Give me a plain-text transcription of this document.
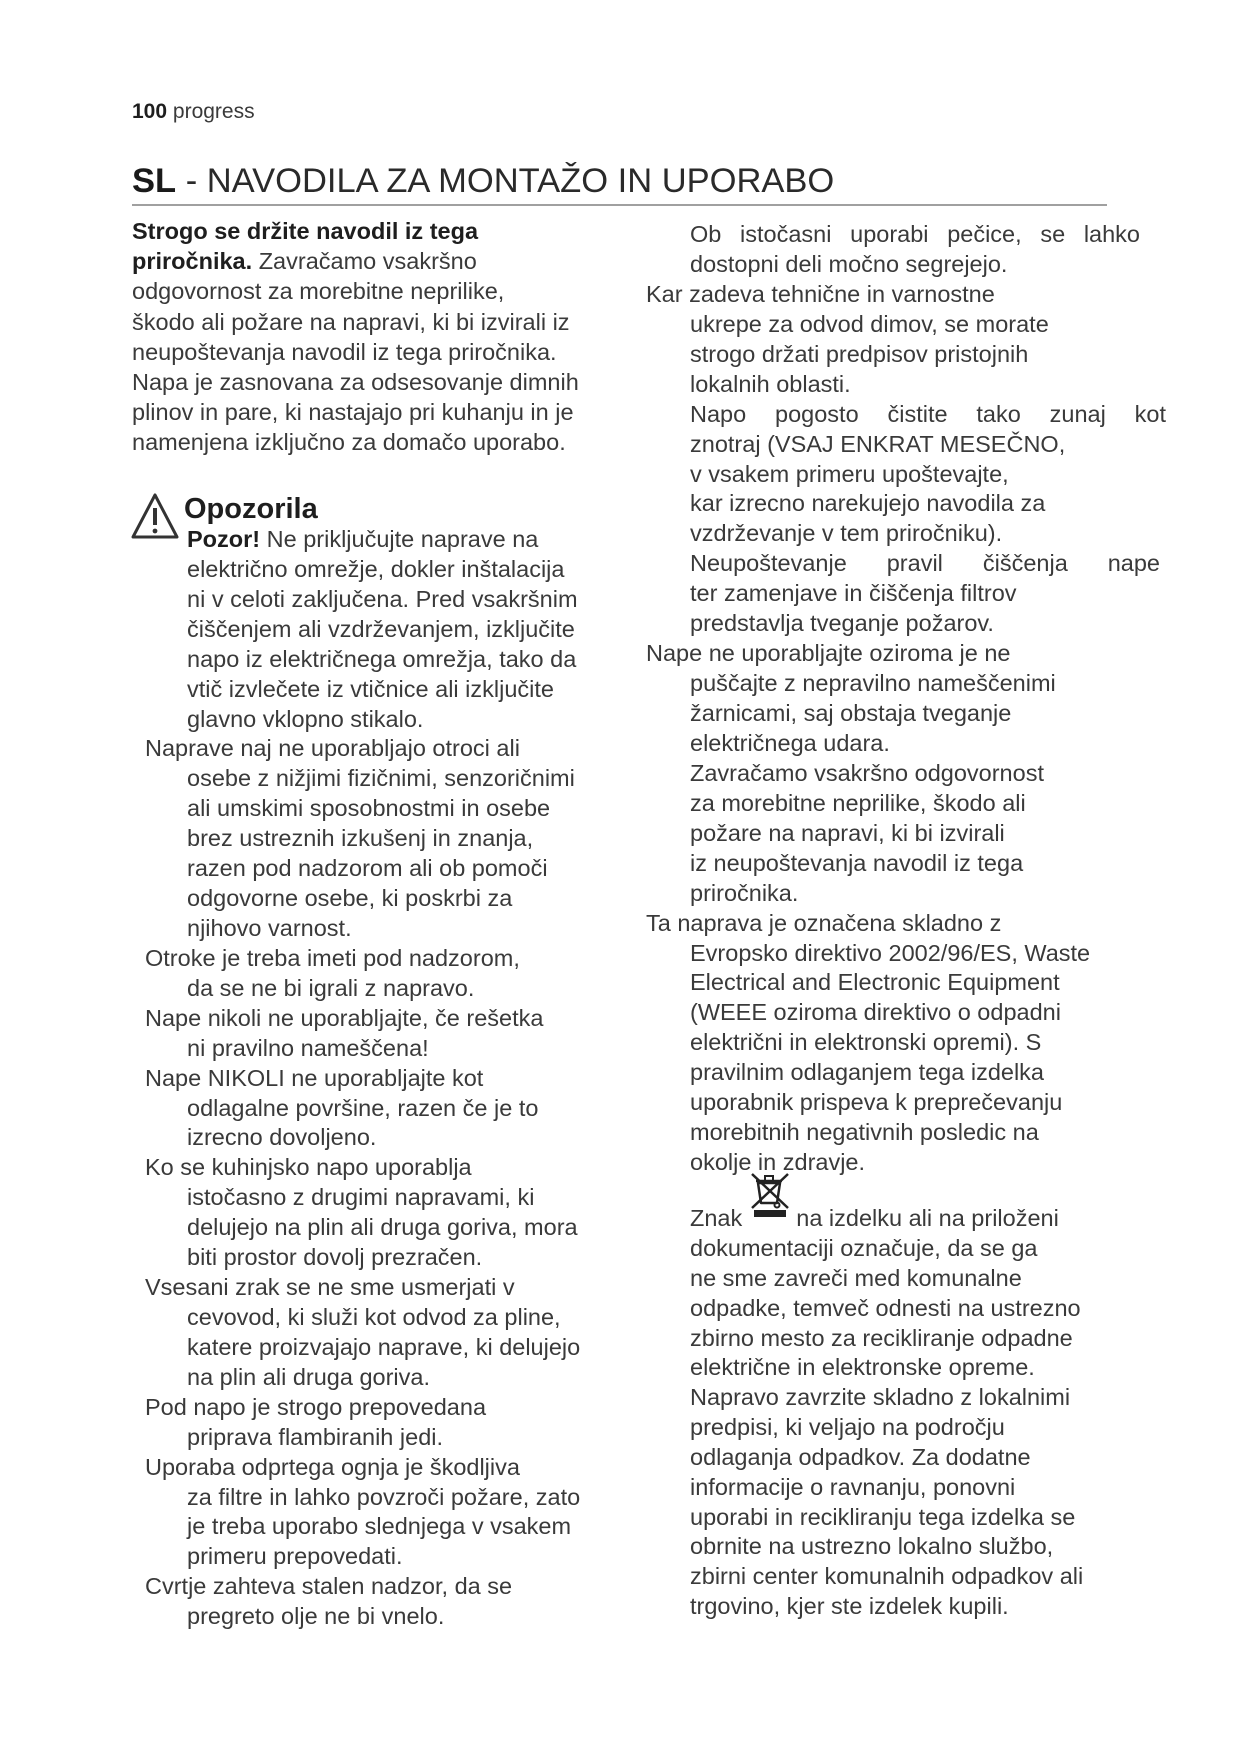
100 progress
SL - NAVODILA ZA MONTAŽO IN UPORABO
Strogo se držite navodil iz tega
priročnika. Zavračamo vsakršno
odgovornost za morebitne neprilike,
škodo ali požare na napravi, ki bi izvirali iz
neupoštevanja navodil iz tega priročnika.
Napa je zasnovana za odsesovanje dimnih
plinov in pare, ki nastajajo pri kuhanju in je
namenjena izključno za domačo uporabo.
Opozorila
Pozor! Ne priključujte naprave na
električno omrežje, dokler inštalacija
ni v celoti zaključena. Pred vsakršnim
čiščenjem ali vzdrževanjem, izključite
napo iz električnega omrežja, tako da
vtič izvlečete iz vtičnice ali izključite
glavno vklopno stikalo.
Naprave naj ne uporabljajo otroci ali
osebe z nižjimi fizičnimi, senzoričnimi
ali umskimi sposobnostmi in osebe
brez ustreznih izkušenj in znanja,
razen pod nadzorom ali ob pomoči
odgovorne osebe, ki poskrbi za
njihovo varnost.
Otroke je treba imeti pod nadzorom,
da se ne bi igrali z napravo.
Nape nikoli ne uporabljajte, če rešetka
ni pravilno nameščena!
Nape NIKOLI ne uporabljajte kot
odlagalne površine, razen če je to
izrecno dovoljeno.
Ko se kuhinjsko napo uporablja
istočasno z drugimi napravami, ki
delujejo na plin ali druga goriva, mora
biti prostor dovolj prezračen.
Vsesani zrak se ne sme usmerjati v
cevovod, ki služi kot odvod za pline,
katere proizvajajo naprave, ki delujejo
na plin ali druga goriva.
Pod napo je strogo prepovedana
priprava flambiranih jedi.
Uporaba odprtega ognja je škodljiva
za filtre in lahko povzroči požare, zato
je treba uporabo slednjega v vsakem
primeru prepovedati.
Cvrtje zahteva stalen nadzor, da se
pregreto olje ne bi vnelo.
Ob istočasni uporabi pečice, se lahko
dostopni deli močno segrejejo.
Kar zadeva tehnične in varnostne
ukrepe za odvod dimov, se morate
strogo držati predpisov pristojnih
lokalnih oblasti.
Napo pogosto čistite tako zunaj kot
znotraj (VSAJ ENKRAT MESEČNO,
v vsakem primeru upoštevajte,
kar izrecno narekujejo navodila za
vzdrževanje v tem priročniku).
Neupoštevanje pravil čiščenja nape
ter zamenjave in čiščenja filtrov
predstavlja tveganje požarov.
Nape ne uporabljajte oziroma je ne
puščajte z nepravilno nameščenimi
žarnicami, saj obstaja tveganje
električnega udara.
Zavračamo vsakršno odgovornost
za morebitne neprilike, škodo ali
požare na napravi, ki bi izvirali
iz neupoštevanja navodil iz tega
priročnika.
Ta naprava je označena skladno z
Evropsko direktivo 2002/96/ES, Waste
Electrical and Electronic Equipment
(WEEE oziroma direktivo o odpadni
električni in elektronski opremi). S
pravilnim odlaganjem tega izdelka
uporabnik prispeva k preprečevanju
morebitnih negativnih posledic na
okolje in zdravje.
Znak na izdelku ali na priloženi
dokumentaciji označuje, da se ga
ne sme zavreči med komunalne
odpadke, temveč odnesti na ustrezno
zbirno mesto za recikliranje odpadne
električne in elektronske opreme.
Napravo zavrzite skladno z lokalnimi
predpisi, ki veljajo na področju
odlaganja odpadkov. Za dodatne
informacije o ravnanju, ponovni
uporabi in recikliranju tega izdelka se
obrnite na ustrezno lokalno službo,
zbirni center komunalnih odpadkov ali
trgovino, kjer ste izdelek kupili.
